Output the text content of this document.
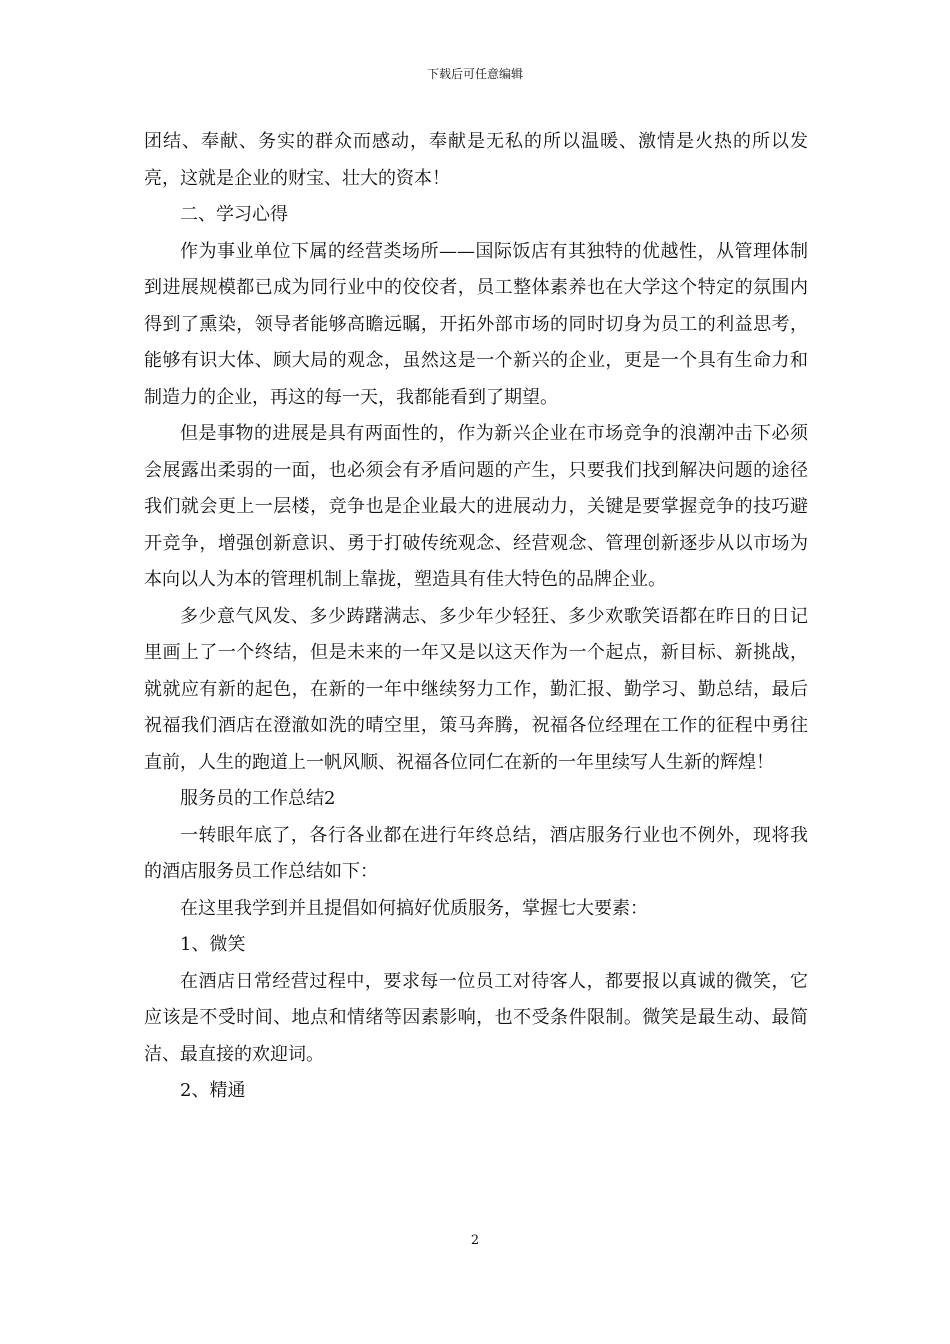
下载后可任意编辑

团结、奉献、务实的群众而感动，奉献是无私的所以温暖、激情是火热的所以发亮，这就是企业的财宝、壮大的资本！

二、学习心得

作为事业单位下属的经营类场所——国际饭店有其独特的优越性，从管理体制到进展规模都已成为同行业中的佼佼者，员工整体素养也在大学这个特定的氛围内得到了熏染，领导者能够高瞻远瞩，开拓外部市场的同时切身为员工的利益思考，能够有识大体、顾大局的观念，虽然这是一个新兴的企业，更是一个具有生命力和制造力的企业，再这的每一天，我都能看到了期望。

但是事物的进展是具有两面性的，作为新兴企业在市场竞争的浪潮冲击下必须会展露出柔弱的一面，也必须会有矛盾问题的产生，只要我们找到解决问题的途径我们就会更上一层楼，竞争也是企业最大的进展动力，关键是要掌握竞争的技巧避开竞争，增强创新意识、勇于打破传统观念、经营观念、管理创新逐步从以市场为本向以人为本的管理机制上靠拢，塑造具有佳大特色的品牌企业。

多少意气风发、多少踌躇满志、多少年少轻狂、多少欢歌笑语都在昨日的日记里画上了一个终结，但是未来的一年又是以这天作为一个起点，新目标、新挑战，就就应有新的起色，在新的一年中继续努力工作，勤汇报、勤学习、勤总结，最后祝福我们酒店在澄澈如洗的晴空里，策马奔腾，祝福各位经理在工作的征程中勇往直前，人生的跑道上一帆风顺、祝福各位同仁在新的一年里续写人生新的辉煌！

服务员的工作总结2

一转眼年底了，各行各业都在进行年终总结，酒店服务行业也不例外，现将我的酒店服务员工作总结如下：

在这里我学到并且提倡如何搞好优质服务，掌握七大要素：

1、微笑

在酒店日常经营过程中，要求每一位员工对待客人，都要报以真诚的微笑，它应该是不受时间、地点和情绪等因素影响，也不受条件限制。微笑是最生动、最简洁、最直接的欢迎词。

2、精通

2
